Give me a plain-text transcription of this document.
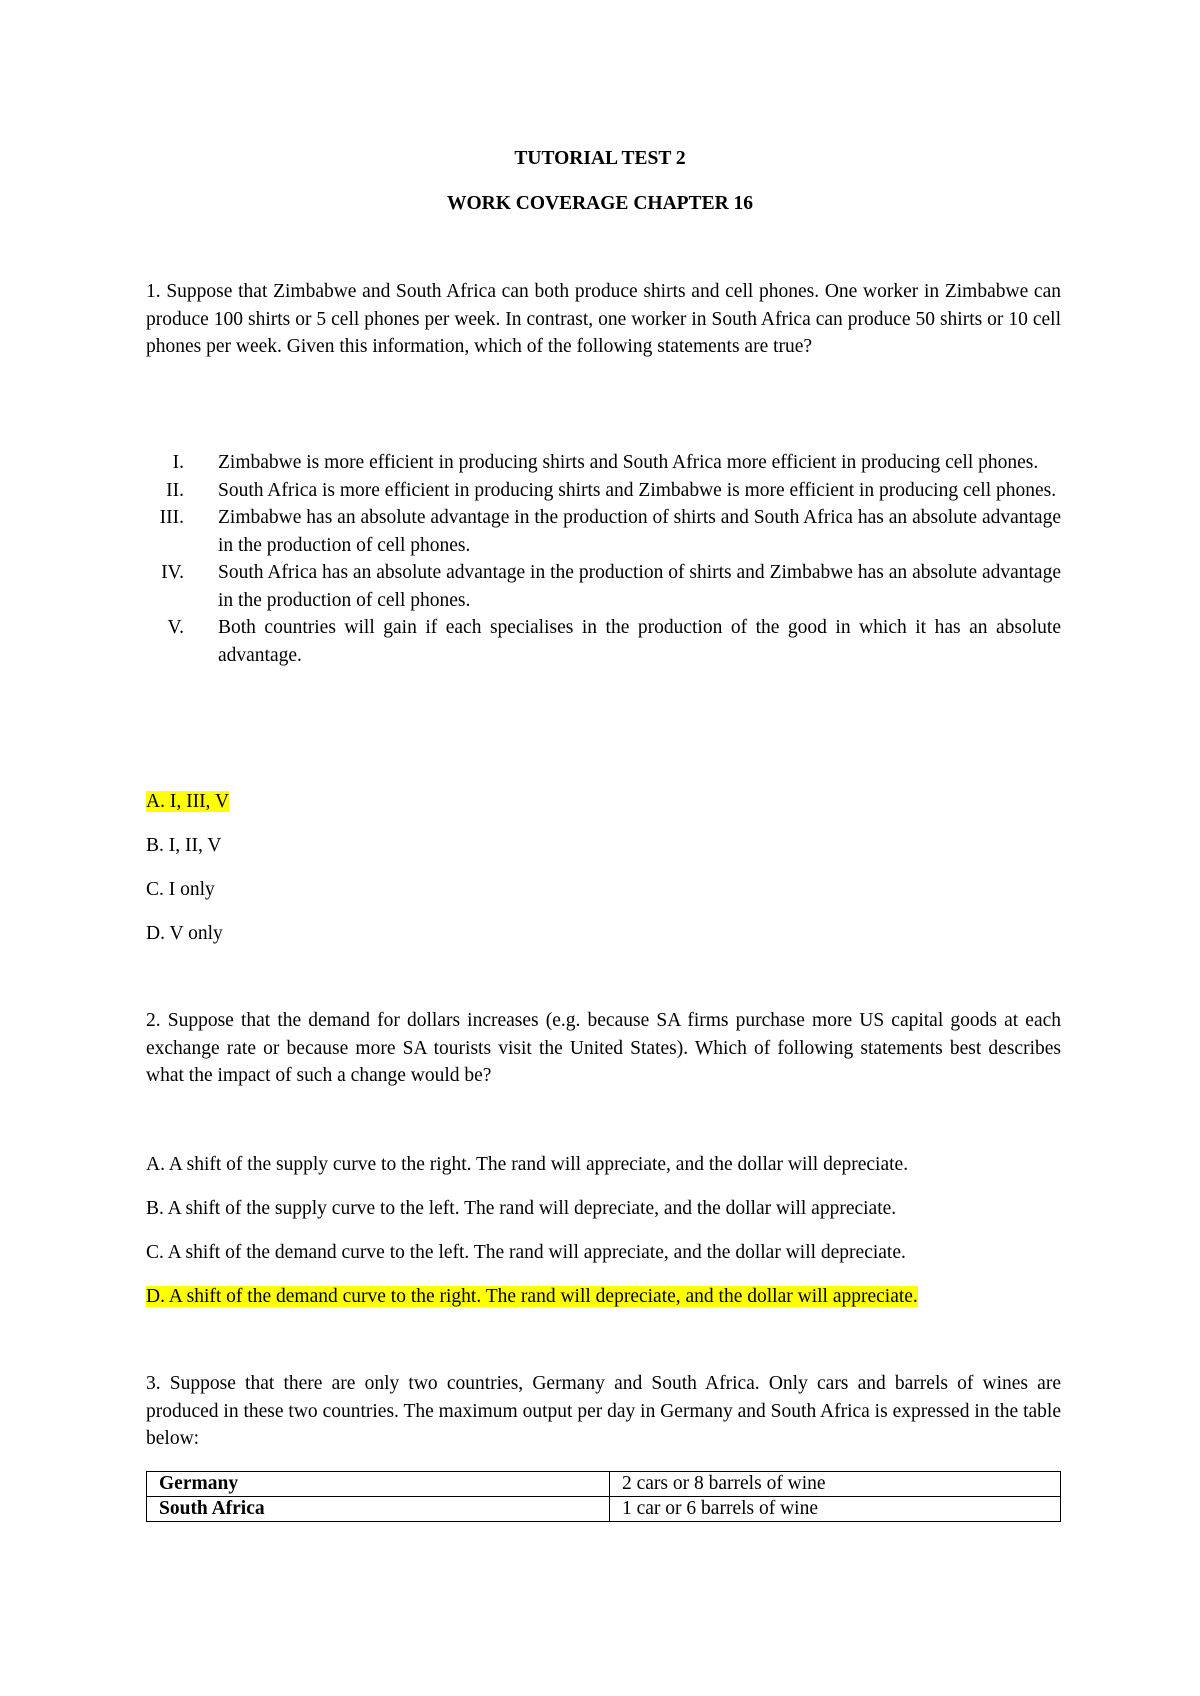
TUTORIAL TEST 2
WORK COVERAGE CHAPTER 16
1. Suppose that Zimbabwe and South Africa can both produce shirts and cell phones. One worker in Zimbabwe can produce 100 shirts or 5 cell phones per week. In contrast, one worker in South Africa can produce 50 shirts or 10 cell phones per week. Given this information, which of the following statements are true?
I. Zimbabwe is more efficient in producing shirts and South Africa more efficient in producing cell phones.
II. South Africa is more efficient in producing shirts and Zimbabwe is more efficient in producing cell phones.
III. Zimbabwe has an absolute advantage in the production of shirts and South Africa has an absolute advantage in the production of cell phones.
IV. South Africa has an absolute advantage in the production of shirts and Zimbabwe has an absolute advantage in the production of cell phones.
V. Both countries will gain if each specialises in the production of the good in which it has an absolute advantage.
A. I, III, V
B. I, II, V
C. I only
D. V only
2. Suppose that the demand for dollars increases (e.g. because SA firms purchase more US capital goods at each exchange rate or because more SA tourists visit the United States). Which of following statements best describes what the impact of such a change would be?
A. A shift of the supply curve to the right. The rand will appreciate, and the dollar will depreciate.
B. A shift of the supply curve to the left. The rand will depreciate, and the dollar will appreciate.
C. A shift of the demand curve to the left. The rand will appreciate, and the dollar will depreciate.
D. A shift of the demand curve to the right. The rand will depreciate, and the dollar will appreciate.
3. Suppose that there are only two countries, Germany and South Africa. Only cars and barrels of wines are produced in these two countries. The maximum output per day in Germany and South Africa is expressed in the table below:
Germany	2 cars or 8 barrels of wine
South Africa	1 car or 6 barrels of wine
